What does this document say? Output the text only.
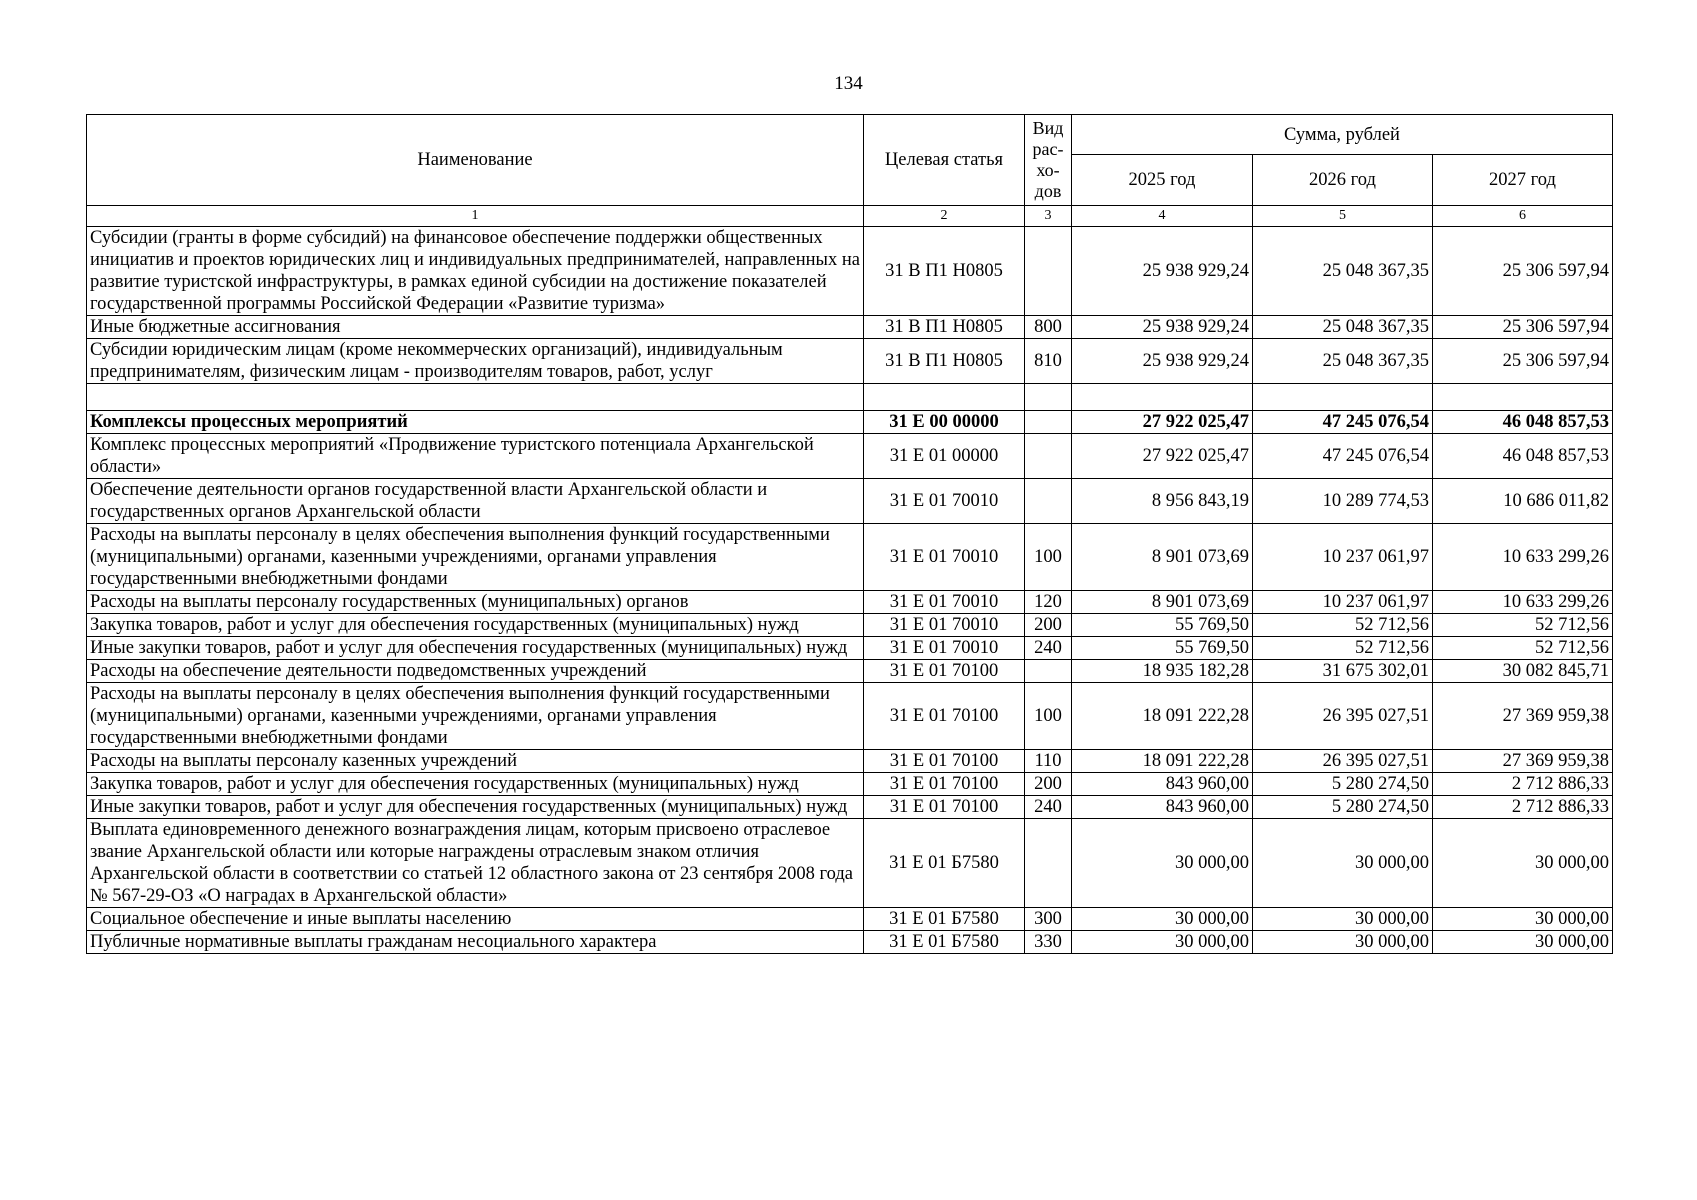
134
Наименование	Целевая статья	Вид рас-хо-дов	Сумма, рублей		
			2025 год	2026 год	2027 год
1	2	3	4	5	6
Субсидии (гранты в форме субсидий) на финансовое обеспечение поддержки общественных инициатив и проектов юридических лиц и индивидуальных предпринимателей, направленных на развитие туристской инфраструктуры, в рамках единой субсидии на достижение показателей государственной программы Российской Федерации «Развитие туризма»	31 В П1 Н0805		25 938 929,24	25 048 367,35	25 306 597,94
Иные бюджетные ассигнования	31 В П1 Н0805	800	25 938 929,24	25 048 367,35	25 306 597,94
Субсидии юридическим лицам (кроме некоммерческих организаций), индивидуальным предпринимателям, физическим лицам - производителям товаров, работ, услуг	31 В П1 Н0805	810	25 938 929,24	25 048 367,35	25 306 597,94

Комплексы процессных мероприятий	31 Е 00 00000		27 922 025,47	47 245 076,54	46 048 857,53
Комплекс процессных мероприятий «Продвижение туристского потенциала Архангельской области»	31 Е 01 00000		27 922 025,47	47 245 076,54	46 048 857,53
Обеспечение деятельности органов государственной власти Архангельской области и государственных органов Архангельской области	31 Е 01 70010		8 956 843,19	10 289 774,53	10 686 011,82
Расходы на выплаты персоналу в целях обеспечения выполнения функций государственными (муниципальными) органами, казенными учреждениями, органами управления государственными внебюджетными фондами	31 Е 01 70010	100	8 901 073,69	10 237 061,97	10 633 299,26
Расходы на выплаты персоналу государственных (муниципальных) органов	31 Е 01 70010	120	8 901 073,69	10 237 061,97	10 633 299,26
Закупка товаров, работ и услуг для обеспечения государственных (муниципальных) нужд	31 Е 01 70010	200	55 769,50	52 712,56	52 712,56
Иные закупки товаров, работ и услуг для обеспечения государственных (муниципальных) нужд	31 Е 01 70010	240	55 769,50	52 712,56	52 712,56
Расходы на обеспечение деятельности подведомственных учреждений	31 Е 01 70100		18 935 182,28	31 675 302,01	30 082 845,71
Расходы на выплаты персоналу в целях обеспечения выполнения функций государственными (муниципальными) органами, казенными учреждениями, органами управления государственными внебюджетными фондами	31 Е 01 70100	100	18 091 222,28	26 395 027,51	27 369 959,38
Расходы на выплаты персоналу казенных учреждений	31 Е 01 70100	110	18 091 222,28	26 395 027,51	27 369 959,38
Закупка товаров, работ и услуг для обеспечения государственных (муниципальных) нужд	31 Е 01 70100	200	843 960,00	5 280 274,50	2 712 886,33
Иные закупки товаров, работ и услуг для обеспечения государственных (муниципальных) нужд	31 Е 01 70100	240	843 960,00	5 280 274,50	2 712 886,33
Выплата единовременного денежного вознаграждения лицам, которым присвоено отраслевое звание Архангельской области или которые награждены отраслевым знаком отличия Архангельской области в соответствии со статьей 12 областного закона от 23 сентября 2008 года № 567-29-ОЗ «О наградах в Архангельской области»	31 Е 01 Б7580		30 000,00	30 000,00	30 000,00
Социальное обеспечение и иные выплаты населению	31 Е 01 Б7580	300	30 000,00	30 000,00	30 000,00
Публичные нормативные выплаты гражданам несоциального характера	31 Е 01 Б7580	330	30 000,00	30 000,00	30 000,00
